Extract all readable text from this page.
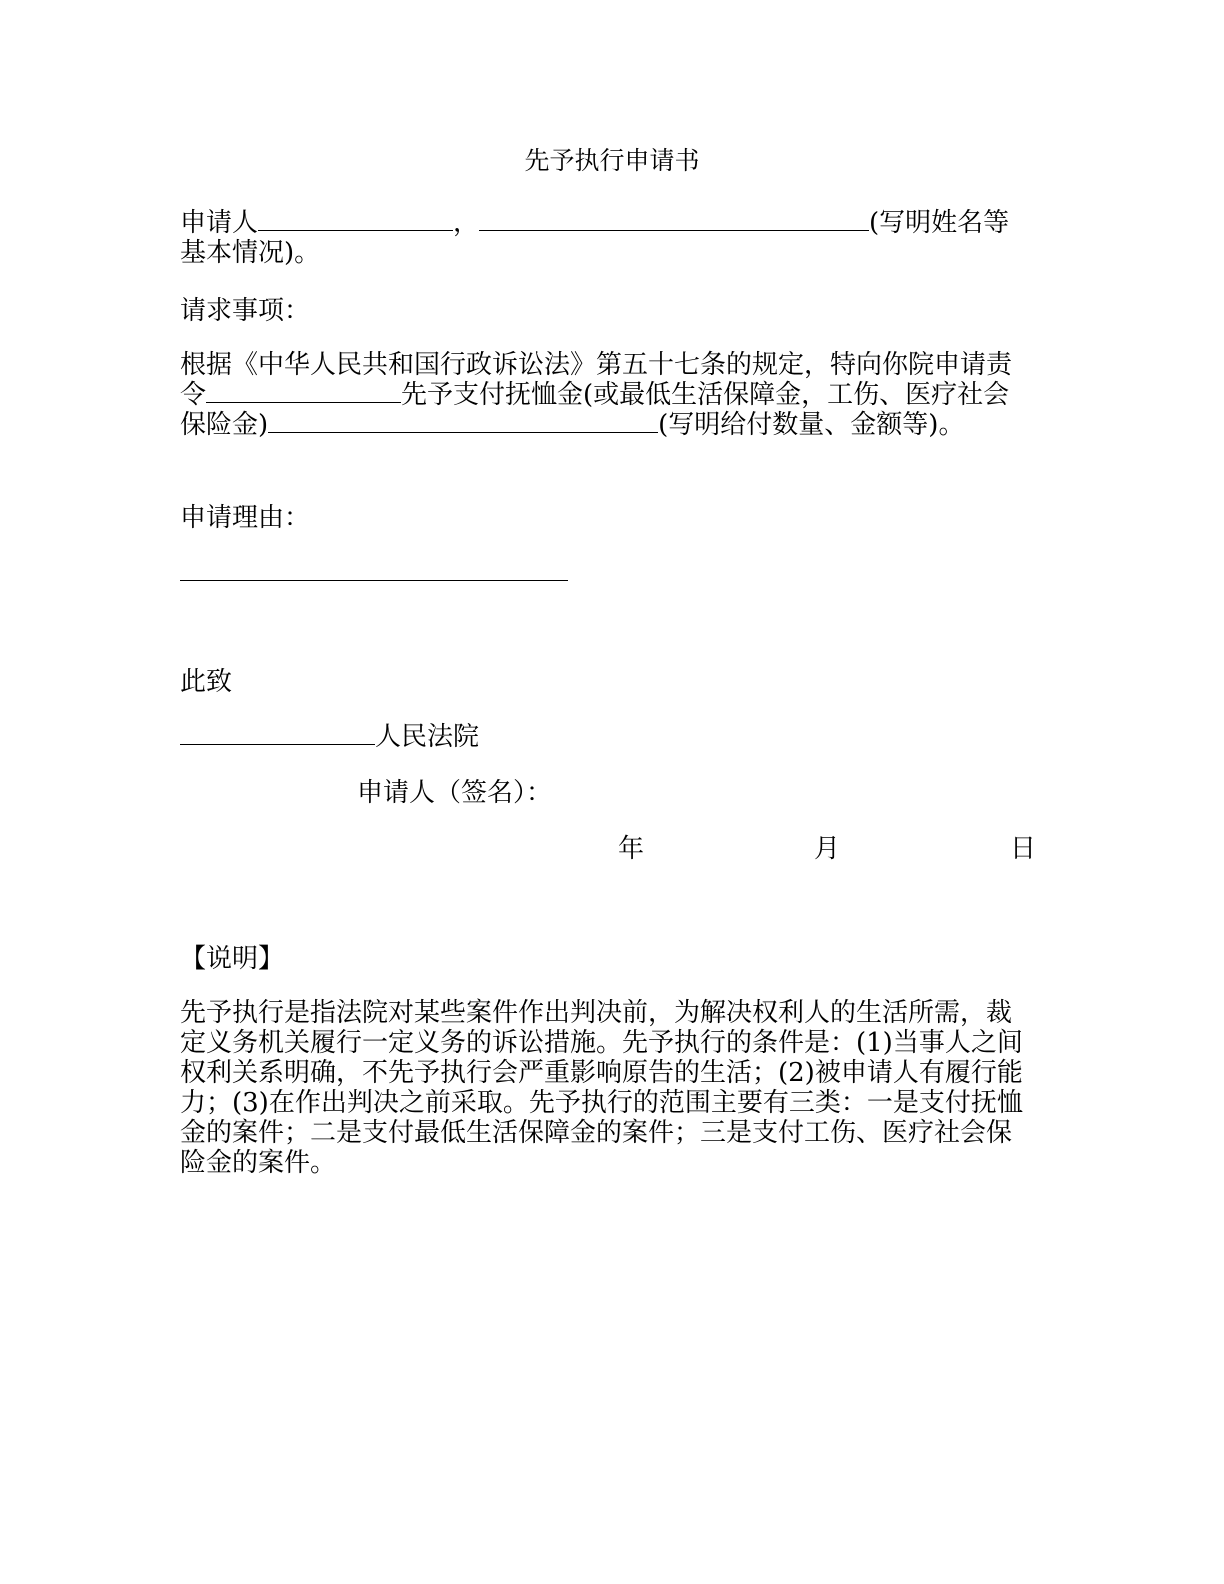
先予执行申请书
申请人	，	(写明姓名等基本情况)。
请求事项：
根据《中华人民共和国行政诉讼法》第五十七条的规定，特向你院申请责令	先予支付抚恤金(或最低生活保障金，工伤、医疗社会保险金)	(写明给付数量、金额等)。
申请理由：
此致
人民法院
申请人（签名）：
年	月	日
【说明】
先予执行是指法院对某些案件作出判决前，为解决权利人的生活所需，裁定义务机关履行一定义务的诉讼措施。先予执行的条件是：(1)当事人之间权利关系明确，不先予执行会严重影响原告的生活；(2)被申请人有履行能力；(3)在作出判决之前采取。先予执行的范围主要有三类：一是支付抚恤金的案件；二是支付最低生活保障金的案件；三是支付工伤、医疗社会保险金的案件。
